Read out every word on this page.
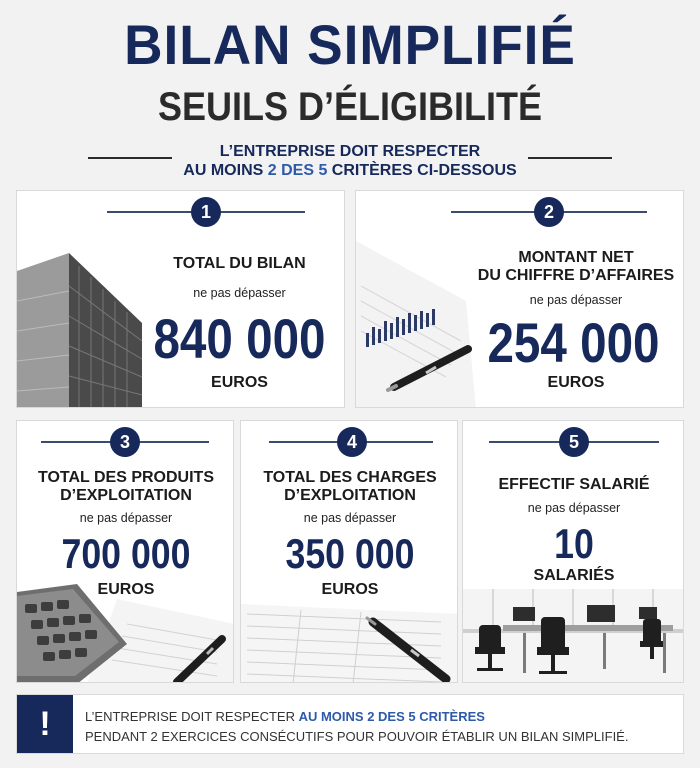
BILAN SIMPLIFIÉ
SEUILS D’ÉLIGIBILITÉ
L’ENTREPRISE DOIT RESPECTER
AU MOINS 2 DES 5 CRITÈRES CI-DESSOUS
1
TOTAL DU BILAN
ne pas dépasser
840 000
EUROS
2
MONTANT NET
DU CHIFFRE D’AFFAIRES
ne pas dépasser
254 000
EUROS
3
TOTAL DES PRODUITS
D’EXPLOITATION
ne pas dépasser
700 000
EUROS
4
TOTAL DES CHARGES
D’EXPLOITATION
ne pas dépasser
350 000
EUROS
5
EFFECTIF SALARIÉ
ne pas dépasser
10
SALARIÉS
!	L’ENTREPRISE DOIT RESPECTER AU MOINS 2 DES 5 CRITÈRES
PENDANT 2 EXERCICES CONSÉCUTIFS POUR POUVOIR ÉTABLIR UN BILAN SIMPLIFIÉ.
